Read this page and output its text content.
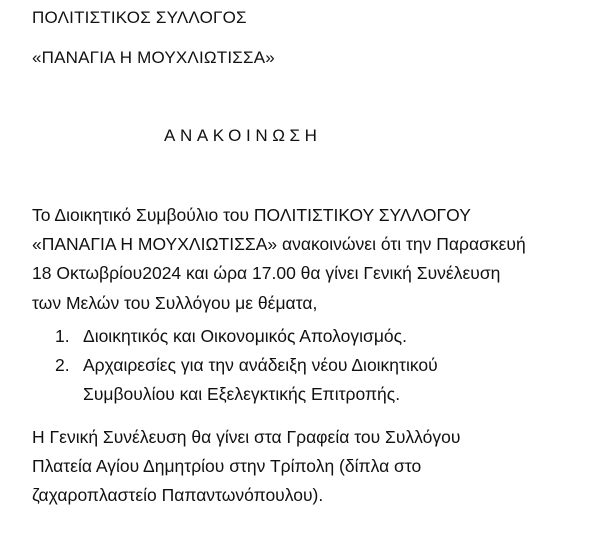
ΠΟΛΙΤΙΣΤΙΚΟΣ ΣΥΛΛΟΓΟΣ
«ΠΑΝΑΓΙΑ Η ΜΟΥΧΛΙΩΤΙΣΣΑ»
ΑΝΑΚΟΙΝΩΣΗ
Το Διοικητικό Συμβούλιο του ΠΟΛΙΤΙΣΤΙΚΟΥ ΣΥΛΛΟΓΟΥ
«ΠΑΝΑΓΙΑ Η ΜΟΥΧΛΙΩΤΙΣΣΑ» ανακοινώνει ότι την Παρασκευή
18 Οκτωβρίου2024 και ώρα 17.00 θα γίνει Γενική Συνέλευση
των Μελών του Συλλόγου με θέματα,
1. Διοικητικός και Οικονομικός Απολογισμός.
2. Αρχαιρεσίες για την ανάδειξη νέου Διοικητικού
Συμβουλίου και Εξελεγκτικής Επιτροπής.
Η Γενική Συνέλευση θα γίνει στα Γραφεία του Συλλόγου
Πλατεία Αγίου Δημητρίου στην Τρίπολη (δίπλα στο
ζαχαροπλαστείο Παπαντωνόπουλου).
